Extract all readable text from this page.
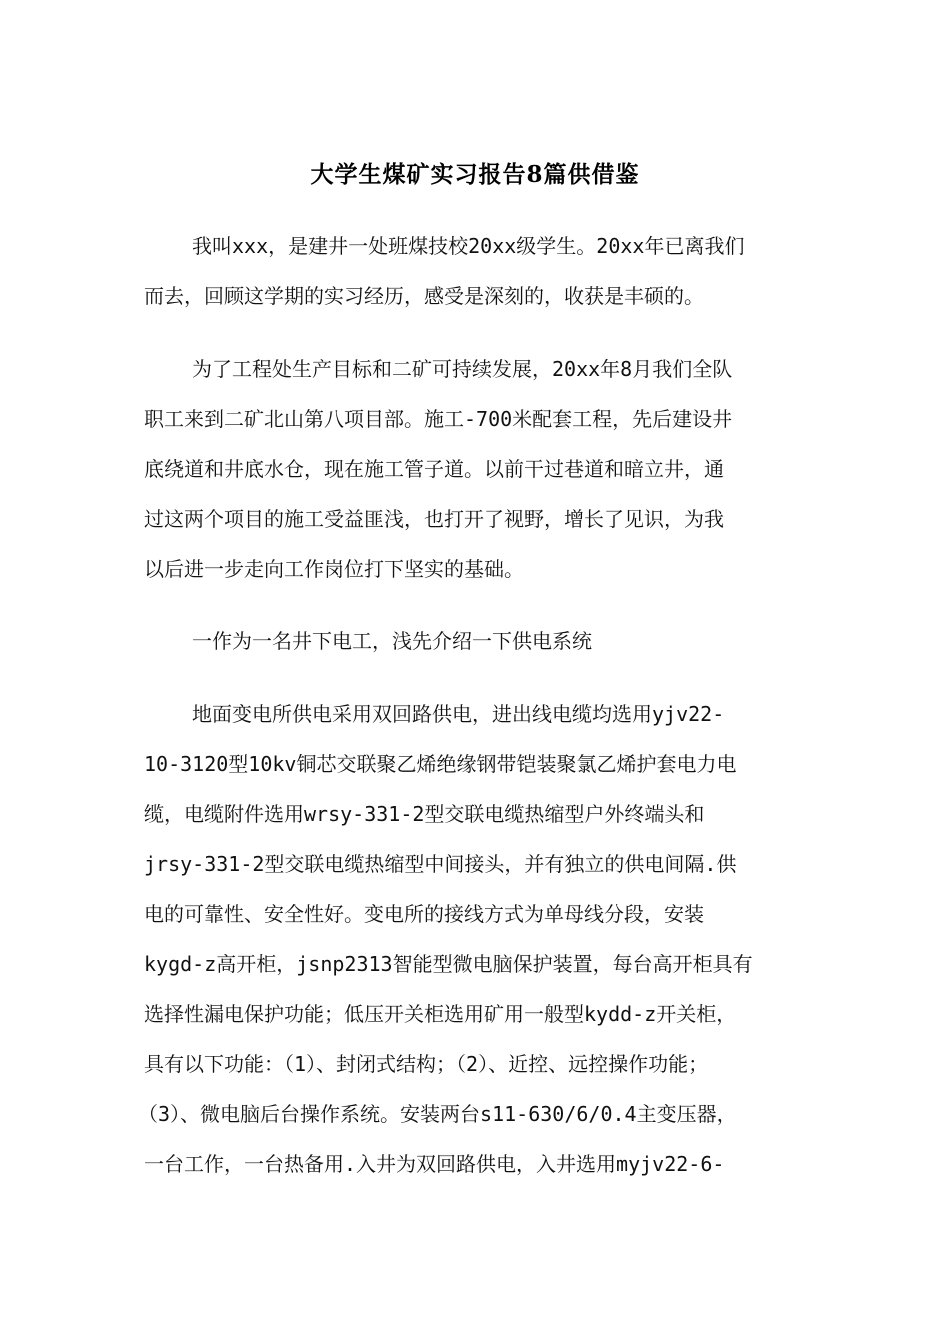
大学生煤矿实习报告8篇供借鉴
我叫xxx，是建井一处班煤技校20xx级学生。20xx年已离我们
而去，回顾这学期的实习经历，感受是深刻的，收获是丰硕的。
为了工程处生产目标和二矿可持续发展，20xx年8月我们全队
职工来到二矿北山第八项目部。施工-700米配套工程，先后建设井
底绕道和井底水仓，现在施工管子道。以前干过巷道和暗立井，通
过这两个项目的施工受益匪浅，也打开了视野，增长了见识，为我
以后进一步走向工作岗位打下坚实的基础。
一作为一名井下电工，浅先介绍一下供电系统
地面变电所供电采用双回路供电，进出线电缆均选用yjv22-
10-3120型10kv铜芯交联聚乙烯绝缘钢带铠装聚氯乙烯护套电力电
缆，电缆附件选用wrsy-331-2型交联电缆热缩型户外终端头和
jrsy-331-2型交联电缆热缩型中间接头，并有独立的供电间隔.供
电的可靠性、安全性好。变电所的接线方式为单母线分段，安装
kygd-z高开柜，jsnp2313智能型微电脑保护装置，每台高开柜具有
选择性漏电保护功能；低压开关柜选用矿用一般型kydd-z开关柜，
具有以下功能：（1）、封闭式结构；（2）、近控、远控操作功能；
（3）、微电脑后台操作系统。安装两台s11-630/6/0.4主变压器，
一台工作，一台热备用.入井为双回路供电，入井选用myjv22-6-
